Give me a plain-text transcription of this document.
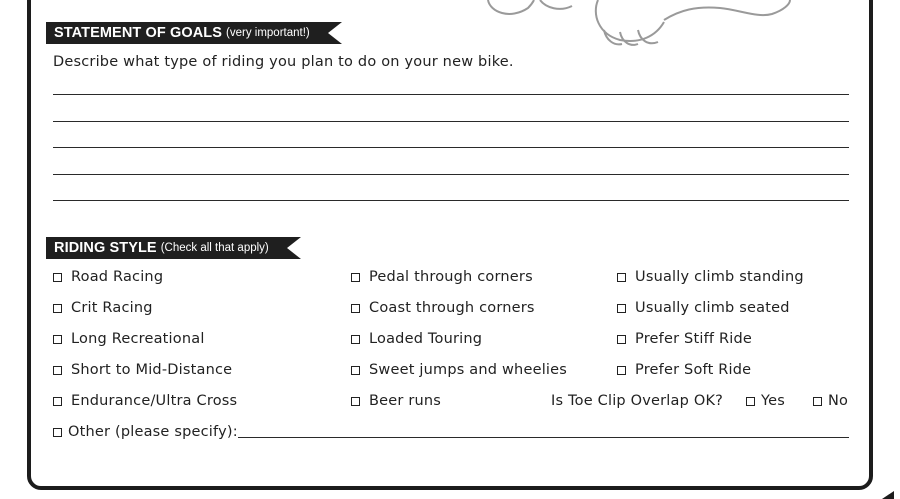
STATEMENT OF GOALS (very important!)
Describe what type of riding you plan to do on your new bike.
RIDING STYLE (Check all that apply)
Road Racing
Crit Racing
Long Recreational
Short to Mid-Distance
Endurance/Ultra Cross
Pedal through corners
Coast through corners
Loaded Touring
Sweet jumps and wheelies
Beer runs
Usually climb standing
Usually climb seated
Prefer Stiff Ride
Prefer Soft Ride
Is Toe Clip Overlap OK?	Yes	No
Other (please specify):
